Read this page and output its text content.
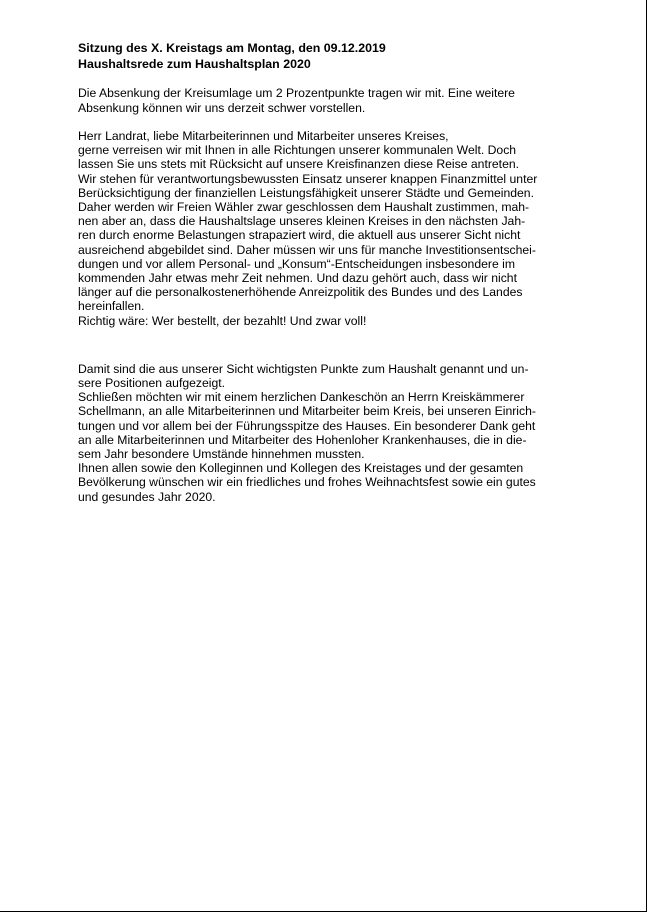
Sitzung des X. Kreistags am Montag, den 09.12.2019
Haushaltsrede zum Haushaltsplan 2020
Die Absenkung der Kreisumlage um 2 Prozentpunkte tragen wir mit. Eine weitere
Absenkung können wir uns derzeit schwer vorstellen.
Herr Landrat, liebe Mitarbeiterinnen und Mitarbeiter unseres Kreises,
gerne verreisen wir mit Ihnen in alle Richtungen unserer kommunalen Welt. Doch
lassen Sie uns stets mit Rücksicht auf unsere Kreisfinanzen diese Reise antreten.
Wir stehen für verantwortungsbewussten Einsatz unserer knappen Finanzmittel unter
Berücksichtigung der finanziellen Leistungsfähigkeit unserer Städte und Gemeinden.
Daher werden wir Freien Wähler zwar geschlossen dem Haushalt zustimmen, mah-
nen aber an, dass die Haushaltslage unseres kleinen Kreises in den nächsten Jah-
ren durch enorme Belastungen strapaziert wird, die aktuell aus unserer Sicht nicht
ausreichend abgebildet sind. Daher müssen wir uns für manche Investitionsentschei-
dungen und vor allem Personal- und „Konsum“-Entscheidungen insbesondere im
kommenden Jahr etwas mehr Zeit nehmen. Und dazu gehört auch, dass wir nicht
länger auf die personalkostenerhöhende Anreizpolitik des Bundes und des Landes
hereinfallen.
Richtig wäre: Wer bestellt, der bezahlt! Und zwar voll!
Damit sind die aus unserer Sicht wichtigsten Punkte zum Haushalt genannt und un-
sere Positionen aufgezeigt.
Schließen möchten wir mit einem herzlichen Dankeschön an Herrn Kreiskämmerer
Schellmann, an alle Mitarbeiterinnen und Mitarbeiter beim Kreis, bei unseren Einrich-
tungen und vor allem bei der Führungsspitze des Hauses. Ein besonderer Dank geht
an alle Mitarbeiterinnen und Mitarbeiter des Hohenloher Krankenhauses, die in die-
sem Jahr besondere Umstände hinnehmen mussten.
Ihnen allen sowie den Kolleginnen und Kollegen des Kreistages und der gesamten
Bevölkerung wünschen wir ein friedliches und frohes Weihnachtsfest sowie ein gutes
und gesundes Jahr 2020.
